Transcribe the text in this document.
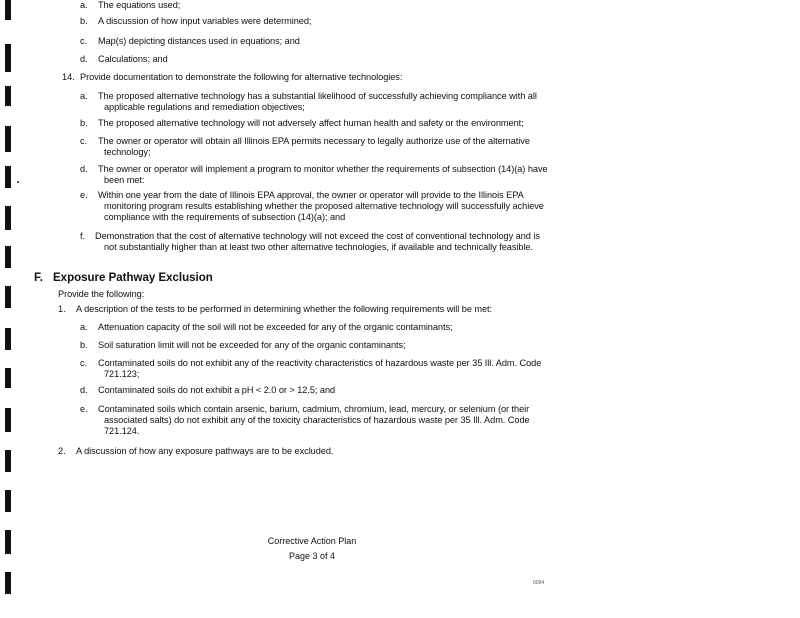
a. The equations used;
b. A discussion of how input variables were determined;
c. Map(s) depicting distances used in equations; and
d. Calculations; and
14. Provide documentation to demonstrate the following for alternative technologies:
a. The proposed alternative technology has a substantial likelihood of successfully achieving compliance with all
applicable regulations and remediation objectives;
b. The proposed alternative technology will not adversely affect human health and safety or the environment;
c. The owner or operator will obtain all Illinois EPA permits necessary to legally authorize use of the alternative
technology;
d. The owner or operator will implement a program to monitor whether the requirements of subsection (14)(a) have
been met:
e. Within one year from the date of Illinois EPA approval, the owner or operator will provide to the Illinois EPA
monitoring program results establishing whether the proposed alternative technology will successfully achieve
compliance with the requirements of subsection (14)(a); and
f. Demonstration that the cost of alternative technology will not exceed the cost of conventional technology and is
not substantially higher than at least two other alternative technologies, if available and technically feasible.
F. Exposure Pathway Exclusion
Provide the following:
1. A description of the tests to be performed in determining whether the following requirements will be met:
a. Attenuation capacity of the soil will not be exceeded for any of the organic contaminants;
b. Soil saturation limit will not be exceeded for any of the organic contaminants;
c. Contaminated soils do not exhibit any of the reactivity characteristics of hazardous waste per 35 Ill. Adm. Code
721.123;
d. Contaminated soils do not exhibit a pH < 2.0 or > 12.5; and
e. Contaminated soils which contain arsenic, barium, cadmium, chromium, lead, mercury, or selenium (or their
associated salts) do not exhibit any of the toxicity characteristics of hazardous waste per 35 Ill. Adm. Code
721.124.
2. A discussion of how any exposure pathways are to be excluded.
Corrective Action Plan
Page 3 of 4
0094
